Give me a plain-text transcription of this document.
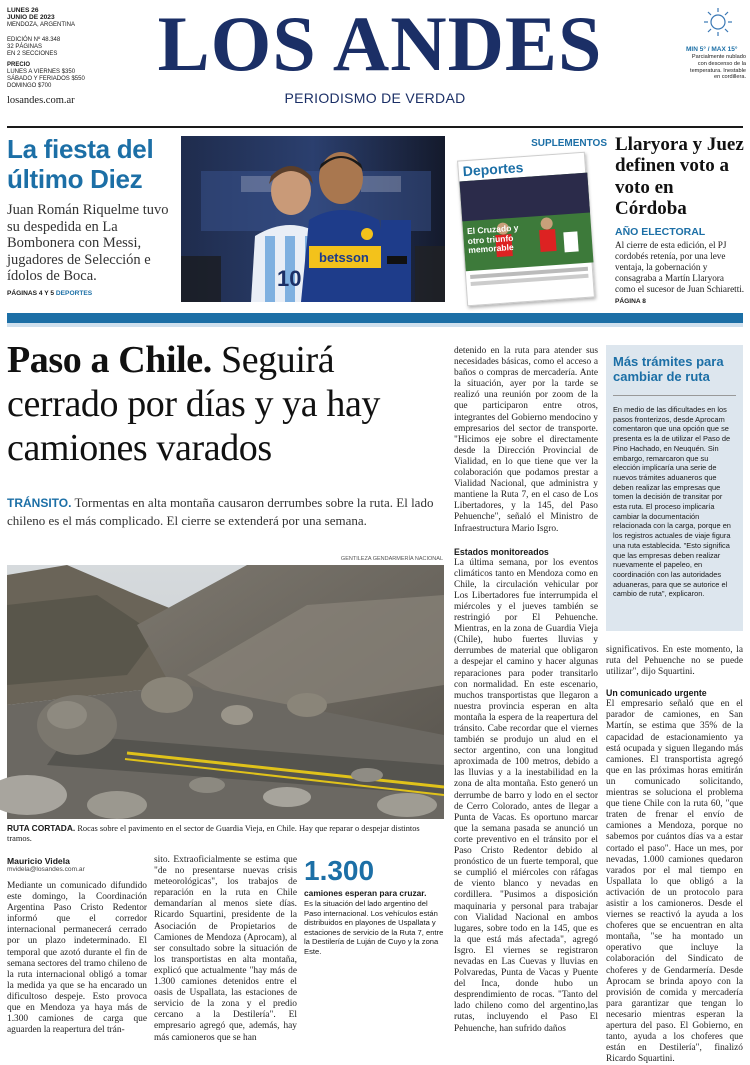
LUNES 26
JUNIO DE 2023
MENDOZA, ARGENTINA
EDICIÓN Nº 48.348
32 PÁGINAS
EN 2 SECCIONES
PRECIO
LUNES A VIERNES $350
SÁBADO Y FERIADOS $550
DOMINGO $700
losandes.com.ar
LOS ANDES
PERIODISMO DE VERDAD
MIN 5° / MAX 15°
Parcialmente nublado con descenso de la temperatura. Inestable en cordillera.
La fiesta del último Diez
Juan Román Riquelme tuvo su despedida en La Bombonera con Messi, jugadores de Selección e ídolos de Boca.
PÁGINAS 4 Y 5 DEPORTES
10
betsson
SUPLEMENTOS
Deportes
El Cruzado y otro triunfo memorable
Llaryora y Juez definen voto a voto en Córdoba
AÑO ELECTORAL
Al cierre de esta edición, el PJ cordobés retenía, por una leve ventaja, la gobernación y consagraba a Martín Llaryora como el sucesor de Juan Schiaretti.
PÁGINA 8
Paso a Chile. Seguirá cerrado por días y ya hay camiones varados
TRÁNSITO. Tormentas en alta montaña causaron derrumbes sobre la ruta. El lado chileno es el más complicado. El cierre se extenderá por una semana.
GENTILEZA GENDARMERÍA NACIONAL
RUTA CORTADA. Rocas sobre el pavimento en el sector de Guardia Vieja, en Chile. Hay que reparar o despejar distintos tramos.
Mauricio Videla
mvidela@losandes.com.ar
Mediante un comunicado difundido este domingo, la Coordinación Argentina Paso Cristo Redentor informó que el corredor internacional permanecerá cerrado por un plazo indeterminado. El temporal que azotó durante el fin de semana sectores del tramo chileno de la ruta internacional obligó a tomar la medida ya que se ha encarado un dificultoso despeje. Esto provoca que en Mendoza ya haya más de 1.300 camiones de carga que aguarden la reapertura del trán-
sito. Extraoficialmente se estima que "de no presentarse nuevas crisis meteorológicas", los trabajos de reparación en la ruta en Chile demandarían al menos siete días. Ricardo Squartini, presidente de la Asociación de Propietarios de Camiones de Mendoza (Aprocam), al ser consultado sobre la situación de los transportistas en alta montaña, explicó que actualmente "hay más de 1.300 camiones detenidos entre el oasis de Uspallata, las estaciones de servicio de la zona y el predio cercano a la Destilería". El empresario agregó que, además, hay más camioneros que se han
1.300
camiones esperan para cruzar.
Es la situación del lado argentino del Paso internacional. Los vehículos están distribuidos en playones de Uspallata y estaciones de servicio de la Ruta 7, entre la Destilería de Luján de Cuyo y la zona Este.
detenido en la ruta para atender sus necesidades básicas, como el acceso a baños o compras de mercadería. Ante la situación, ayer por la tarde se realizó una reunión por zoom de la que participaron entre otros, integrantes del Gobierno mendocino y empresarios del sector de transporte. "Hicimos eje sobre el directamente desde la Dirección Provincial de Vialidad, en lo que tiene que ver la colaboración que podamos prestar a Vialidad Nacional, que administra y mantiene la Ruta 7, en el caso de Los Libertadores, y la 145, del Paso Pehuenche", señaló el Ministro de Infraestructura Mario Isgro.
Estados monitoreados
La última semana, por los eventos climáticos tanto en Mendoza como en Chile, la circulación vehicular por Los Libertadores fue interrumpida el miércoles y el jueves también se restringió por El Pehuenche. Mientras, en la zona de Guardia Vieja (Chile), hubo fuertes lluvias y derrumbes de material que obligaron a despejar el camino y hacer algunas reparaciones para poder transitarlo con normalidad. En este escenario, muchos transportistas que llegaron a nuestra provincia esperan en alta montaña la espera de la reapertura del tránsito. Cabe recordar que el viernes también se produjo un alud en el sector argentino, con una longitud aproximada de 100 metros, debido a las lluvias y a la inestabilidad en la zona de alta montaña. Esto generó un derrumbe de barro y lodo en el sector de Cerro Colorado, antes de llegar a Punta de Vacas. Es oportuno marcar que la semana pasada se anunció un corte preventivo en el tránsito por el Paso Cristo Redentor debido al pronóstico de un fuerte temporal, que se cumplió el miércoles con ráfagas de viento blanco y nevadas en cordillera. "Pusimos a disposición maquinaria y personal para trabajar con Vialidad Nacional en ambos lugares, sobre todo en la 145, que es la que está más afectada", agregó Isgro. El viernes se registraron nevadas en Las Cuevas y lluvias en Polvaredas, Punta de Vacas y Puente del Inca, donde hubo un desprendimiento de rocas. "Tanto del lado chileno como del argentino,las rutas, incluyendo el Paso El Pehuenche, han sufrido daños
Más trámites para cambiar de ruta
En medio de las dificultades en los pasos fronterizos, desde Aprocam comentaron que una opción que se presenta es la de utilizar el Paso de Pino Hachado, en Neuquén. Sin embargo, remarcaron que su elección implicaría una serie de nuevos trámites aduaneros que deben realizar las empresas que tomen la decisión de transitar por esta ruta. El proceso implicaría cambiar la documentación relacionada con la carga, porque en los registros actuales de viaje figura una ruta establecida. "Esto significa que las empresas deben realizar nuevamente el papeleo, en coordinación con las autoridades aduaneras, para que se autorice el cambio de ruta", explicaron.
significativos. En este momento, la ruta del Pehuenche no se puede utilizar", dijo Squartini.
Un comunicado urgente
El empresario señaló que en el parador de camiones, en San Martín, se estima que 35% de la capacidad de estacionamiento ya está ocupada y siguen llegando más camiones. El transportista agregó que en las próximas horas emitirán un comunicado solicitando, mientras se soluciona el problema que tiene Chile con la ruta 60, "que traten de frenar el envío de camiones a Mendoza, porque no sabemos por cuántos días va a estar cortado el paso". Hace un mes, por nevadas, 1.000 camiones quedaron varados por el mal tiempo en Uspallata lo que obligó a la activación de un protocolo para asistir a los camioneros. Desde el viernes se reactivó la ayuda a los choferes que se encuentran en alta montaña, "se ha montado un operativo que incluye la colaboración del Sindicato de choferes y de Gendarmería. Desde Aprocam se brinda apoyo con la provisión de comida y mercadería para garantizar que tengan lo necesario mientras esperan la apertura del paso. El Gobierno, en tanto, ayuda a los choferes que están en Destilería", finalizó Ricardo Squartini.
